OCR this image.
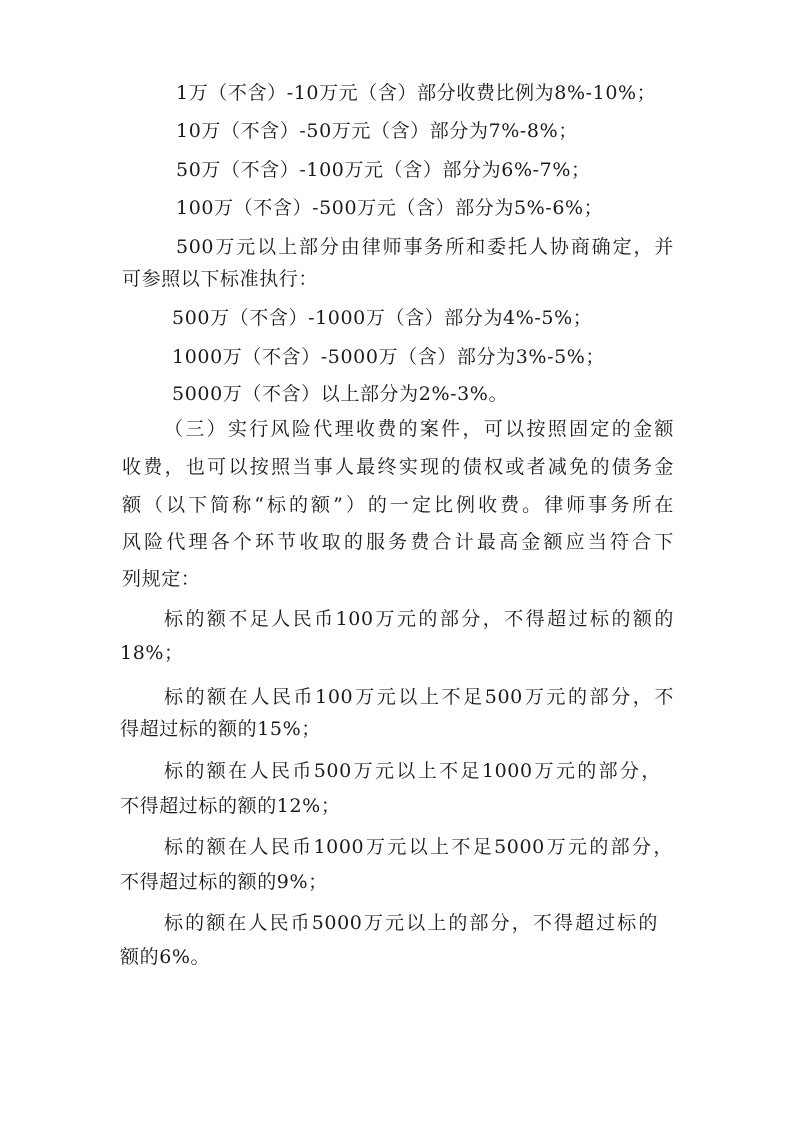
1万（不含）-10万元（含）部分收费比例为8%-10%；
10万（不含）-50万元（含）部分为7%-8%；
50万（不含）-100万元（含）部分为6%-7%；
100万（不含）-500万元（含）部分为5%-6%；
500万元以上部分由律师事务所和委托人协商确定，并
可参照以下标准执行：
500万（不含）-1000万（含）部分为4%-5%；
1000万（不含）-5000万（含）部分为3%-5%；
5000万（不含）以上部分为2%-3%。
（三）实行风险代理收费的案件，可以按照固定的金额
收费，也可以按照当事人最终实现的债权或者减免的债务金
额（以下简称“标的额”）的一定比例收费。律师事务所在
风险代理各个环节收取的服务费合计最高金额应当符合下
列规定：
标的额不足人民币100万元的部分，不得超过标的额的
18%；
标的额在人民币100万元以上不足500万元的部分，不
得超过标的额的15%；
标的额在人民币500万元以上不足1000万元的部分，
不得超过标的额的12%；
标的额在人民币1000万元以上不足5000万元的部分，
不得超过标的额的9%；
标的额在人民币5000万元以上的部分，不得超过标的
额的6%。
